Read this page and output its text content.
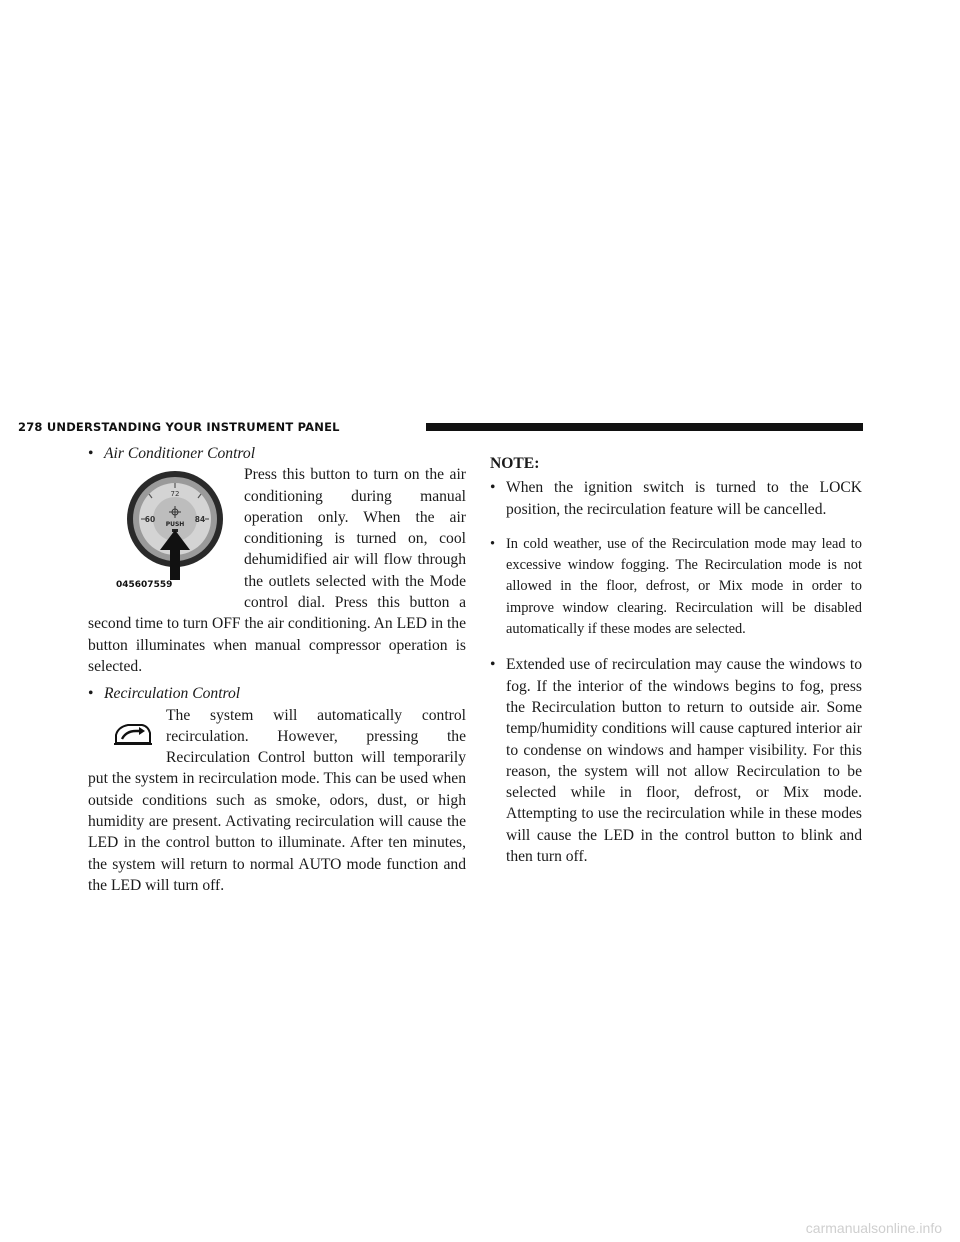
278 UNDERSTANDING YOUR INSTRUMENT PANEL
• Air Conditioner Control
72
60	84
PUSH
045607559

Press this button to turn on the air conditioning during manual operation only. When the air conditioning is turned on, cool dehumidified air will flow through the outlets selected with the Mode control dial. Press this button a second time to turn OFF the air conditioning. An LED in the button illuminates when manual compressor operation is selected.

• Recirculation Control

The system will automatically control recirculation. However, pressing the Recirculation Control button will temporarily put the system in recirculation mode. This can be used when outside conditions such as smoke, odors, dust, or high humidity are present. Activating recirculation will cause the LED in the control button to illuminate. After ten minutes, the system will return to normal AUTO mode function and the LED will turn off.

NOTE:
• When the ignition switch is turned to the LOCK position, the recirculation feature will be cancelled.
• In cold weather, use of the Recirculation mode may lead to excessive window fogging. The Recirculation mode is not allowed in the floor, defrost, or Mix mode in order to improve window clearing. Recirculation will be disabled automatically if these modes are selected.
• Extended use of recirculation may cause the windows to fog. If the interior of the windows begins to fog, press the Recirculation button to return to outside air. Some temp/humidity conditions will cause captured interior air to condense on windows and hamper visibility. For this reason, the system will not allow Recirculation to be selected while in floor, defrost, or Mix mode. Attempting to use the recirculation while in these modes will cause the LED in the control button to blink and then turn off.
carmanualsonline.info
